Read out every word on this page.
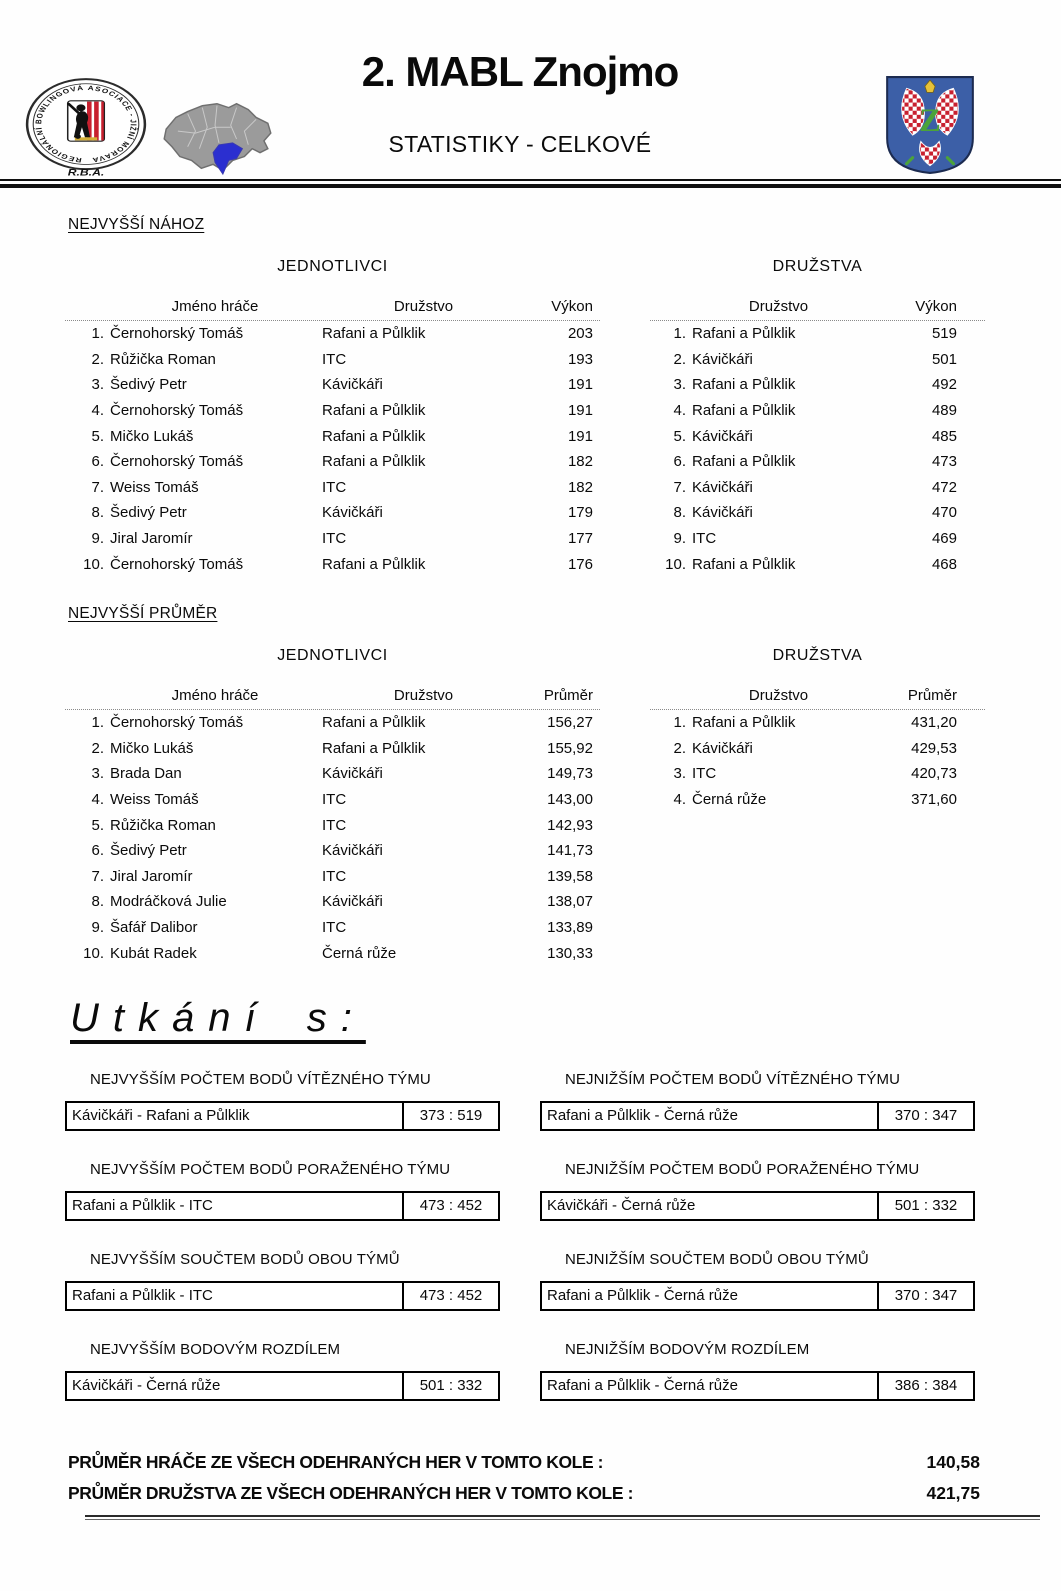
REGIONÁLNÍ BOWLINGOVÁ ASOCIACE - JIŽNÍ MORAVA
R.B.A.
2. MABL Znojmo
STATISTIKY - CELKOVÉ
Z
NEJVYŠŠÍ NÁHOZ
JEDNOTLIVCI
Jméno hráče	Družstvo	Výkon
1. Černohorský Tomáš	Rafani a Půlklik	203
2. Růžička Roman	ITC	193
3. Šedivý Petr	Kávičkáři	191
4. Černohorský Tomáš	Rafani a Půlklik	191
5. Mičko Lukáš	Rafani a Půlklik	191
6. Černohorský Tomáš	Rafani a Půlklik	182
7. Weiss Tomáš	ITC	182
8. Šedivý Petr	Kávičkáři	179
9. Jiral Jaromír	ITC	177
10. Černohorský Tomáš	Rafani a Půlklik	176
DRUŽSTVA
Družstvo	Výkon
1. Rafani a Půlklik	519
2. Kávičkáři	501
3. Rafani a Půlklik	492
4. Rafani a Půlklik	489
5. Kávičkáři	485
6. Rafani a Půlklik	473
7. Kávičkáři	472
8. Kávičkáři	470
9. ITC	469
10. Rafani a Půlklik	468
NEJVYŠŠÍ PRŮMĚR
JEDNOTLIVCI
Jméno hráče	Družstvo	Průměr
1. Černohorský Tomáš	Rafani a Půlklik	156,27
2. Mičko Lukáš	Rafani a Půlklik	155,92
3. Brada Dan	Kávičkáři	149,73
4. Weiss Tomáš	ITC	143,00
5. Růžička Roman	ITC	142,93
6. Šedivý Petr	Kávičkáři	141,73
7. Jiral Jaromír	ITC	139,58
8. Modráčková Julie	Kávičkáři	138,07
9. Šafář Dalibor	ITC	133,89
10. Kubát Radek	Černá růže	130,33
DRUŽSTVA
Družstvo	Průměr
1. Rafani a Půlklik	431,20
2. Kávičkáři	429,53
3. ITC	420,73
4. Černá růže	371,60
Utkání s:
NEJVYŠŠÍM POČTEM BODŮ VÍTĚZNÉHO TÝMU
Kávičkáři - Rafani a Půlklik	373 : 519
NEJNIŽŠÍM POČTEM BODŮ VÍTĚZNÉHO TÝMU
Rafani a Půlklik - Černá růže	370 : 347
NEJVYŠŠÍM POČTEM BODŮ PORAŽENÉHO TÝMU
Rafani a Půlklik - ITC	473 : 452
NEJNIŽŠÍM POČTEM BODŮ PORAŽENÉHO TÝMU
Kávičkáři - Černá růže	501 : 332
NEJVYŠŠÍM SOUČTEM BODŮ OBOU TÝMŮ
Rafani a Půlklik - ITC	473 : 452
NEJNIŽŠÍM SOUČTEM BODŮ OBOU TÝMŮ
Rafani a Půlklik - Černá růže	370 : 347
NEJVYŠŠÍM BODOVÝM ROZDÍLEM
Kávičkáři - Černá růže	501 : 332
NEJNIŽŠÍM BODOVÝM ROZDÍLEM
Rafani a Půlklik - Černá růže	386 : 384
PRŮMĚR HRÁČE ZE VŠECH ODEHRANÝCH HER V TOMTO KOLE :	140,58
PRŮMĚR DRUŽSTVA ZE VŠECH ODEHRANÝCH HER V TOMTO KOLE :	421,75
